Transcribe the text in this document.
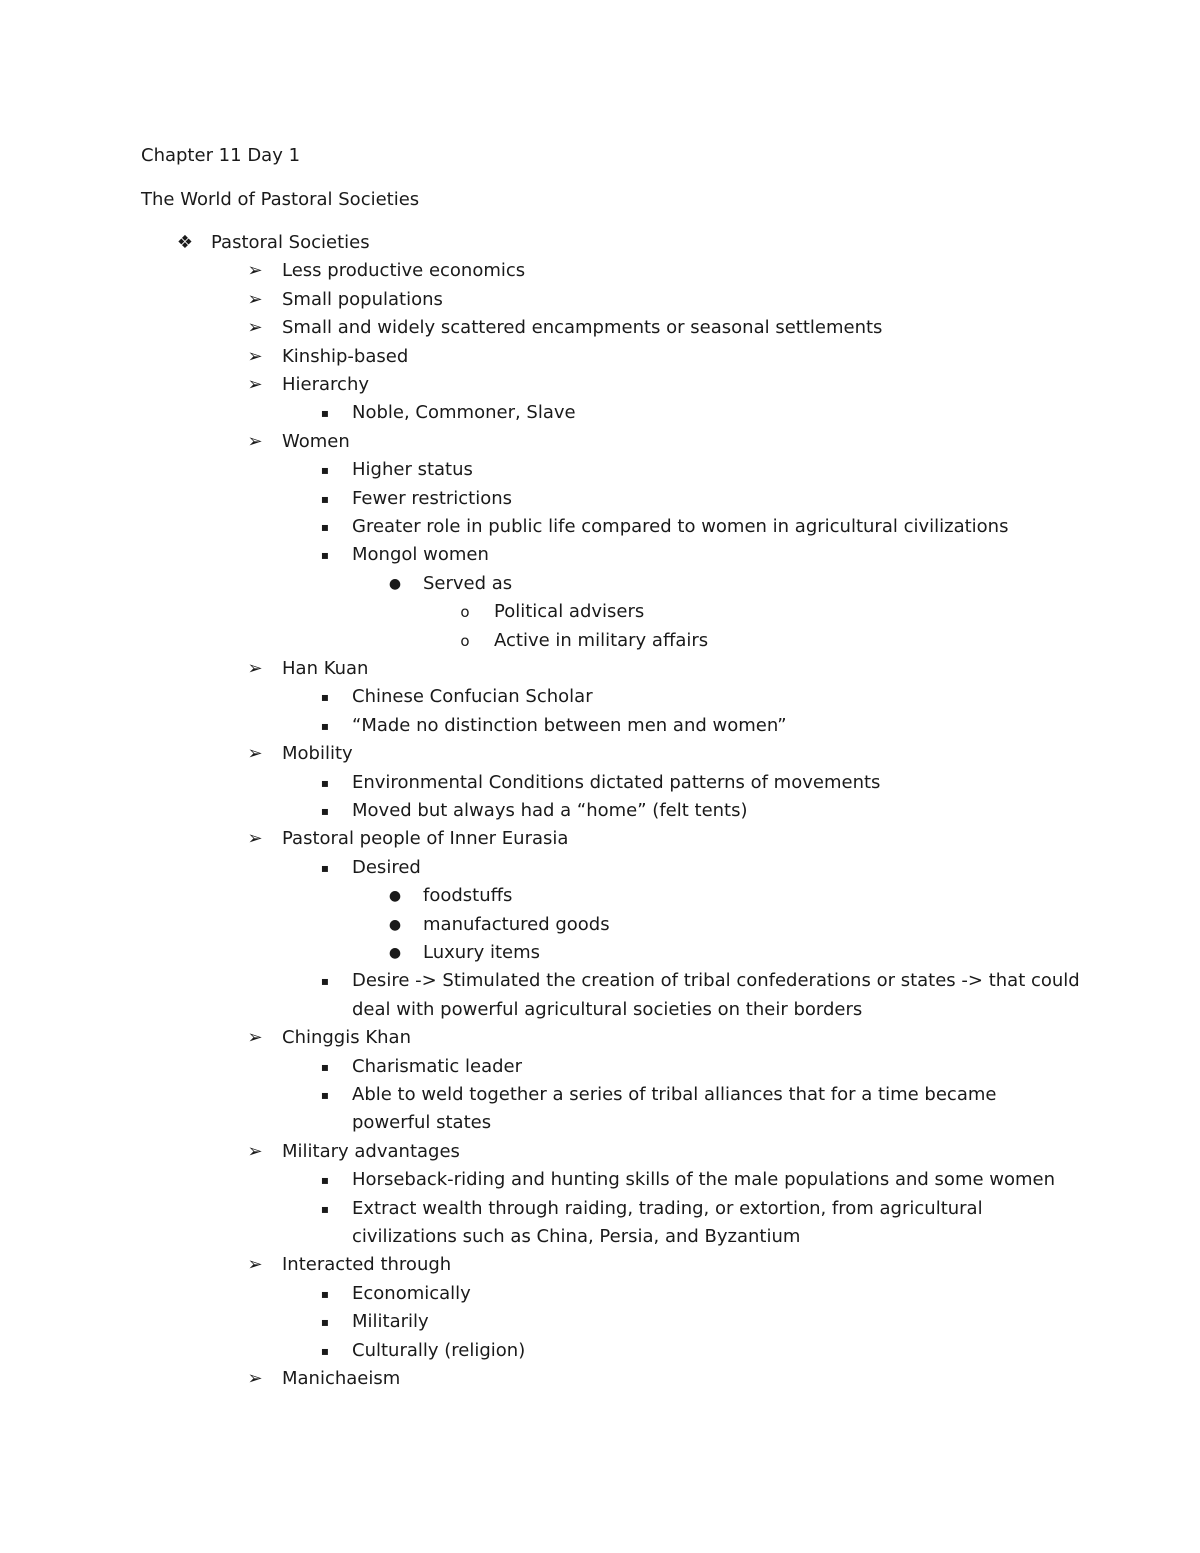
Chapter 11 Day 1
The World of Pastoral Societies
❖ Pastoral Societies
➢ Less productive economics
➢ Small populations
➢ Small and widely scattered encampments or seasonal settlements
➢ Kinship-based
➢ Hierarchy
▪	Noble, Commoner, Slave
➢ Women
▪	Higher status
▪	Fewer restrictions
▪	Greater role in public life compared to women in agricultural civilizations
▪	Mongol women
● Served as
o	Political advisers
o	Active in military affairs
➢ Han Kuan
▪	Chinese Confucian Scholar
▪	“Made no distinction between men and women”
➢ Mobility
▪	Environmental Conditions dictated patterns of movements
▪	Moved but always had a “home” (felt tents)
➢ Pastoral people of Inner Eurasia
▪	Desired
● foodstuffs
● manufactured goods
● Luxury items
▪	Desire -> Stimulated the creation of tribal confederations or states -> that could
deal with powerful agricultural societies on their borders
➢ Chinggis Khan
▪	Charismatic leader
▪	Able to weld together a series of tribal alliances that for a time became
powerful states
➢ Military advantages
▪	Horseback-riding and hunting skills of the male populations and some women
▪	Extract wealth through raiding, trading, or extortion, from agricultural
civilizations such as China, Persia, and Byzantium
➢ Interacted through
▪	Economically
▪	Militarily
▪	Culturally (religion)
➢ Manichaeism
